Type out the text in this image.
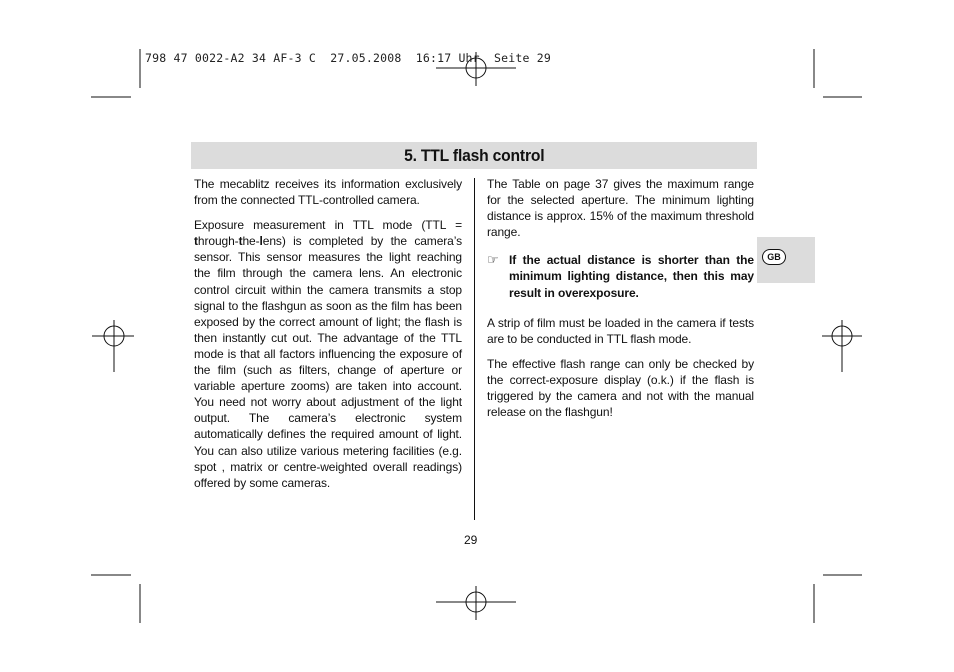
798 47 0022-A2 34 AF-3 C  27.05.2008  16:17 Uhr  Seite 29
5. TTL flash control

The mecablitz receives its information exclusively from the connected TTL-controlled camera.

Exposure measurement in TTL mode (TTL = through-the-lens) is completed by the camera’s sensor. This sensor measures the light reaching the film through the camera lens. An electronic control circuit within the camera transmits a stop signal to the flashgun as soon as the film has been exposed by the correct amount of light; the flash is then instantly cut out. The advantage of the TTL mode is that all factors influencing the exposure of the film (such as filters, change of aperture or variable aperture zooms) are taken into account. You need not worry about adjustment of the light output. The camera’s electronic system automatically defines the required amount of light. You can also utilize various metering facilities (e.g. spot , matrix or centre-weighted overall readings) offered by some cameras.

The Table on page 37 gives the maximum range for the selected aperture. The minimum lighting distance is approx. 15% of the maximum threshold range.

☞ If the actual distance is shorter than the minimum lighting distance, then this may result in overexposure.

A strip of film must be loaded in the camera if tests are to be conducted in TTL flash mode.

The effective flash range can only be checked by the correct-exposure display (o.k.) if the flash is triggered by the camera and not with the manual release on the flashgun!

GB
29
